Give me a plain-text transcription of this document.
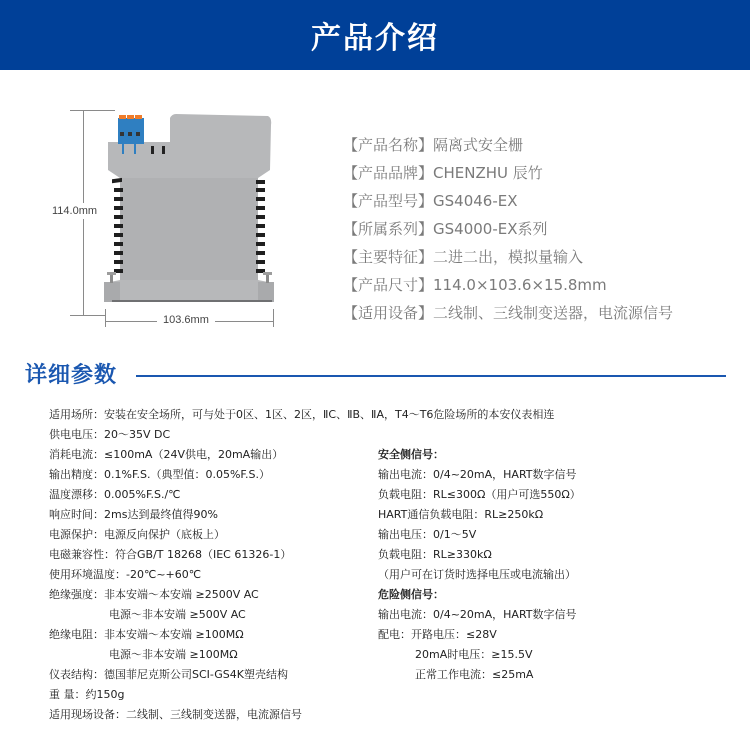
产品介绍
114.0mm
103.6mm
【产品名称】隔离式安全栅
【产品品牌】CHENZHU 辰竹
【产品型号】GS4046-EX
【所属系列】GS4000-EX系列
【主要特征】二进二出，模拟量输入
【产品尺寸】114.0×103.6×15.8mm
【适用设备】二线制、三线制变送器，电流源信号
详细参数
适用场所：安装在安全场所，可与处于0区、1区、2区，ⅡC、ⅡB、ⅡA，T4～T6危险场所的本安仪表相连
供电电压：20～35V DC
消耗电流：≤100mA（24V供电，20mA输出）
输出精度：0.1%F.S.（典型值：0.05%F.S.）
温度漂移：0.005%F.S./℃
响应时间：2ms达到最终值得90%
电源保护：电源反向保护（底板上）
电磁兼容性：符合GB/T 18268（IEC 61326-1）
使用环境温度：-20℃~+60℃
绝缘强度：非本安端～本安端 ≥2500V AC
电源～非本安端 ≥500V AC
绝缘电阻：非本安端～本安端 ≥100MΩ
电源～非本安端 ≥100MΩ
仪表结构：德国菲尼克斯公司SCI-GS4K塑壳结构
重 量：约150g
适用现场设备：二线制、三线制变送器，电流源信号
安全侧信号：
输出电流：0/4~20mA，HART数字信号
负载电阻：RL≤300Ω（用户可选550Ω）
HART通信负载电阻：RL≥250kΩ
输出电压：0/1～5V
负载电阻：RL≥330kΩ
（用户可在订货时选择电压或电流输出）
危险侧信号：
输出电流：0/4~20mA，HART数字信号
配电：开路电压：≤28V
20mA时电压：≥15.5V
正常工作电流：≤25mA
